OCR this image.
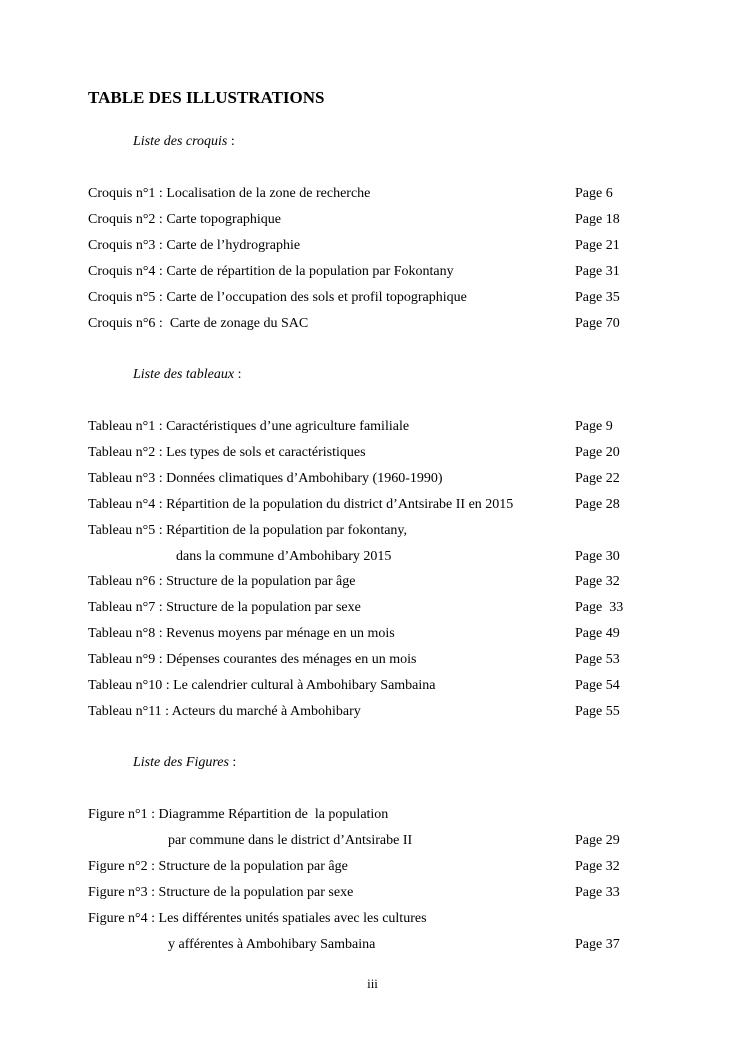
TABLE DES ILLUSTRATIONS
Liste des croquis :
Croquis n°1 : Localisation de la zone de recherche	Page 6
Croquis n°2 : Carte topographique	Page 18
Croquis n°3 : Carte de l’hydrographie	Page 21
Croquis n°4 : Carte de répartition de la population par Fokontany	Page 31
Croquis n°5 : Carte de l’occupation des sols et profil topographique	Page 35
Croquis n°6 :  Carte de zonage du SAC	Page 70
Liste des tableaux :
Tableau n°1 : Caractéristiques d’une agriculture familiale	Page 9
Tableau n°2 : Les types de sols et caractéristiques	Page 20
Tableau n°3 : Données climatiques d’Ambohibary (1960-1990)	Page 22
Tableau n°4 : Répartition de la population du district d’Antsirabe II en 2015	Page 28
Tableau n°5 : Répartition de la population par fokontany,
dans la commune d’Ambohibary 2015	Page 30
Tableau n°6 : Structure de la population par âge	Page 32
Tableau n°7 : Structure de la population par sexe	Page  33
Tableau n°8 : Revenus moyens par ménage en un mois	Page 49
Tableau n°9 : Dépenses courantes des ménages en un mois	Page 53
Tableau n°10 : Le calendrier cultural à Ambohibary Sambaina	Page 54
Tableau n°11 : Acteurs du marché à Ambohibary	Page 55
Liste des Figures :
Figure n°1 : Diagramme Répartition de  la population
par commune dans le district d’Antsirabe II	Page 29
Figure n°2 : Structure de la population par âge	Page 32
Figure n°3 : Structure de la population par sexe	Page 33
Figure n°4 : Les différentes unités spatiales avec les cultures
y afférentes à Ambohibary Sambaina	Page 37
iii
